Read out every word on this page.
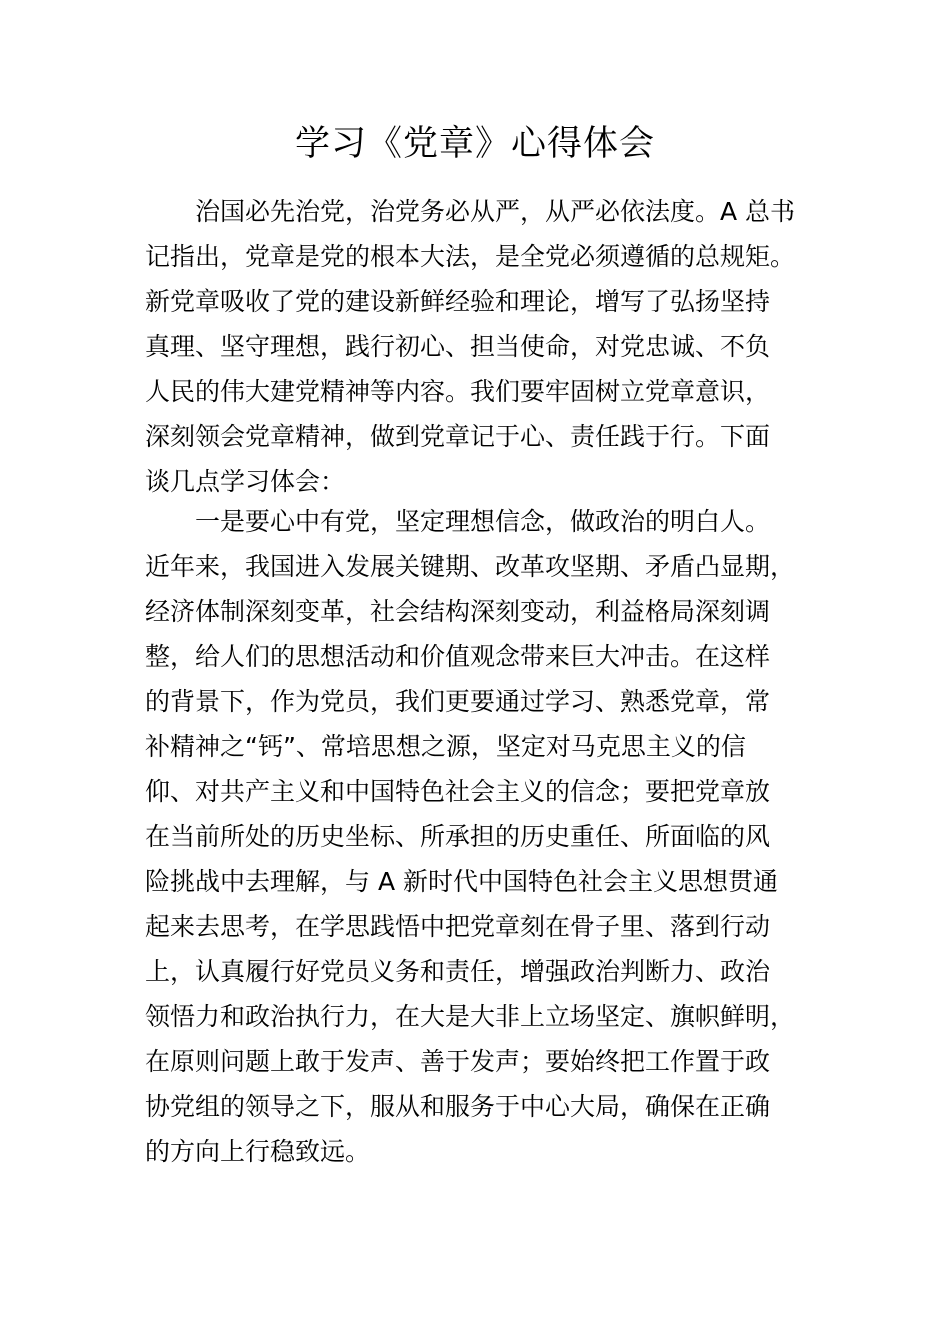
学习《党章》心得体会
治国必先治党，治党务必从严，从严必依法度。A 总书
记指出，党章是党的根本大法，是全党必须遵循的总规矩。
新党章吸收了党的建设新鲜经验和理论，增写了弘扬坚持
真理、坚守理想，践行初心、担当使命，对党忠诚、不负
人民的伟大建党精神等内容。我们要牢固树立党章意识，
深刻领会党章精神，做到党章记于心、责任践于行。下面
谈几点学习体会：
一是要心中有党，坚定理想信念，做政治的明白人。
近年来，我国进入发展关键期、改革攻坚期、矛盾凸显期，
经济体制深刻变革，社会结构深刻变动，利益格局深刻调
整，给人们的思想活动和价值观念带来巨大冲击。在这样
的背景下，作为党员，我们更要通过学习、熟悉党章，常
补精神之“钙”、常培思想之源，坚定对马克思主义的信
仰、对共产主义和中国特色社会主义的信念；要把党章放
在当前所处的历史坐标、所承担的历史重任、所面临的风
险挑战中去理解，与 A 新时代中国特色社会主义思想贯通
起来去思考，在学思践悟中把党章刻在骨子里、落到行动
上，认真履行好党员义务和责任，增强政治判断力、政治
领悟力和政治执行力，在大是大非上立场坚定、旗帜鲜明，
在原则问题上敢于发声、善于发声；要始终把工作置于政
协党组的领导之下，服从和服务于中心大局，确保在正确
的方向上行稳致远。
